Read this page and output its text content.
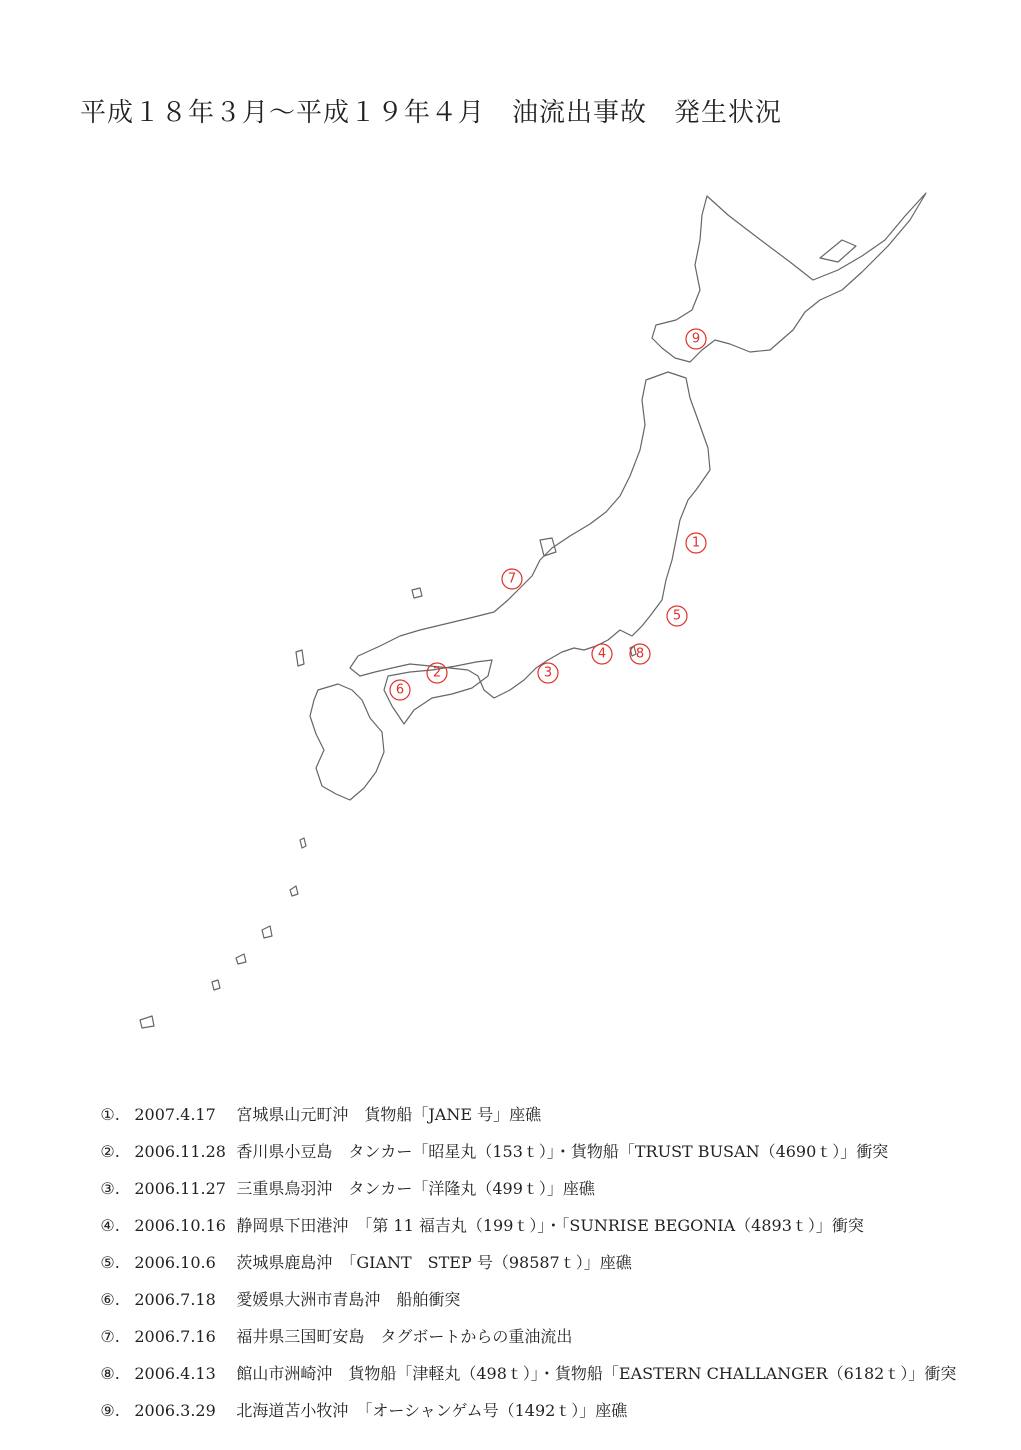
平成１８年３月～平成１９年４月　油流出事故　発生状況
1
2	3
4
5
6
7
8
9

①. 2007.4.17 宮城県山元町沖　貨物船「JANE 号」座礁

②. 2006.11.28 香川県小豆島　タンカー「昭星丸（153ｔ）」・貨物船「TRUST BUSAN（4690ｔ）」衝突

③. 2006.11.27 三重県鳥羽沖　タンカー「洋隆丸（499ｔ）」座礁

④. 2006.10.16 静岡県下田港沖　「第 11 福吉丸（199ｔ）」・「SUNRISE BEGONIA（4893ｔ）」衝突

⑤. 2006.10.6 茨城県鹿島沖　「GIANT　STEP 号（98587ｔ）」座礁

⑥. 2006.7.18 愛媛県大洲市青島沖　船舶衝突

⑦. 2006.7.16 福井県三国町安島　タグボートからの重油流出

⑧. 2006.4.13 館山市洲崎沖　貨物船「津軽丸（498ｔ）」・貨物船「EASTERN CHALLANGER（6182ｔ）」衝突

⑨. 2006.3.29 北海道苫小牧沖　「オーシャンゲム号（1492ｔ）」座礁
